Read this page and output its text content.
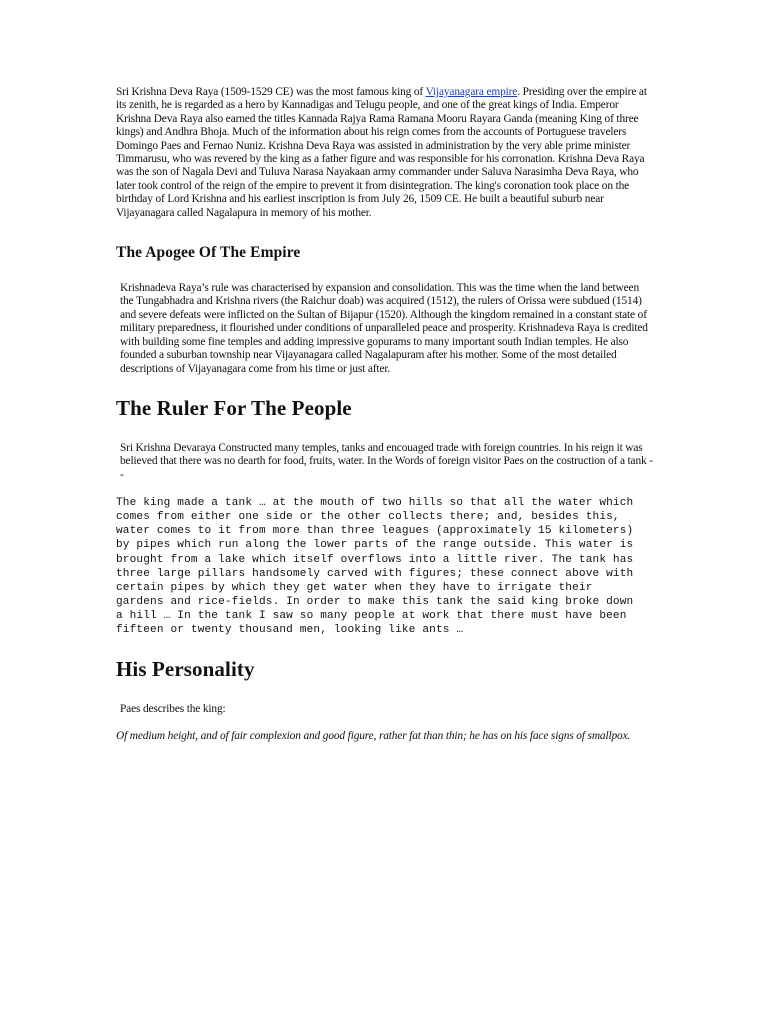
Sri Krishna Deva Raya (1509-1529 CE) was the most famous king of Vijayanagara empire. Presiding over the empire at its zenith, he is regarded as a hero by Kannadigas and Telugu people, and one of the great kings of India. Emperor Krishna Deva Raya also earned the titles Kannada Rajya Rama Ramana Mooru Rayara Ganda (meaning King of three kings) and Andhra Bhoja. Much of the information about his reign comes from the accounts of Portuguese travelers Domingo Paes and Fernao Nuniz. Krishna Deva Raya was assisted in administration by the very able prime minister Timmarusu, who was revered by the king as a father figure and was responsible for his corronation. Krishna Deva Raya was the son of Nagala Devi and Tuluva Narasa Nayakaan army commander under Saluva Narasimha Deva Raya, who later took control of the reign of the empire to prevent it from disintegration. The king's coronation took place on the birthday of Lord Krishna and his earliest inscription is from July 26, 1509 CE. He built a beautiful suburb near Vijayanagara called Nagalapura in memory of his mother.

The Apogee Of The Empire

Krishnadeva Raya’s rule was characterised by expansion and consolidation. This was the time when the land between the Tungabhadra and Krishna rivers (the Raichur doab) was acquired (1512), the rulers of Orissa were subdued (1514) and severe defeats were inflicted on the Sultan of Bijapur (1520). Although the kingdom remained in a constant state of military preparedness, it flourished under conditions of unparalleled peace and prosperity. Krishnadeva Raya is credited with building some fine temples and adding impressive gopurams to many important south Indian temples. He also founded a suburban township near Vijayanagara called Nagalapuram after his mother. Some of the most detailed descriptions of Vijayanagara come from his time or just after.

The Ruler For The People

Sri Krishna Devaraya Constructed many temples, tanks and encouaged trade with foreign countries. In his reign it was believed that there was no dearth for food, fruits, water. In the Words of foreign visitor Paes on the costruction of a tank --

The king made a tank … at the mouth of two hills so that all the water which comes from either one side or the other collects there; and, besides this, water comes to it from more than three leagues (approximately 15 kilometers) by pipes which run along the lower parts of the range outside. This water is brought from a lake which itself overflows into a little river. The tank has three large pillars handsomely carved with figures; these connect above with certain pipes by which they get water when they have to irrigate their gardens and rice-fields. In order to make this tank the said king broke down a hill … In the tank I saw so many people at work that there must have been fifteen or twenty thousand men, looking like ants …

His Personality

Paes describes the king:

Of medium height, and of fair complexion and good figure, rather fat than thin; he has on his face signs of smallpox.
